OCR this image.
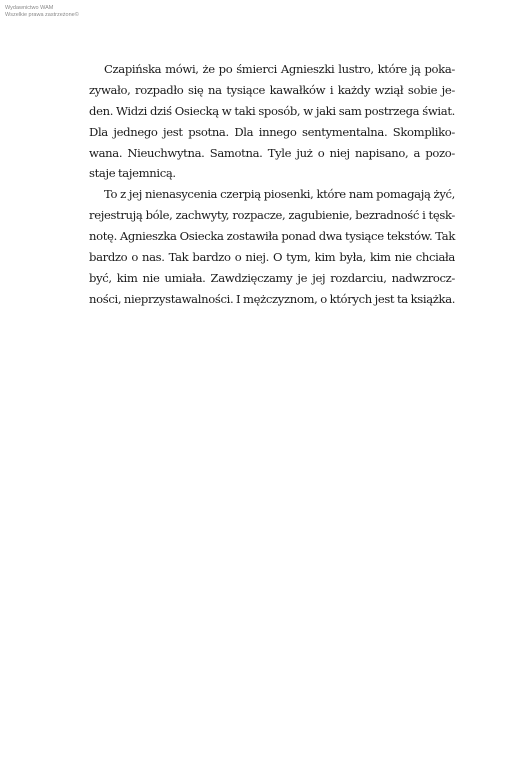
Wydawnictwo WAM
Wszelkie prawa zastrzeżone©
Czapińska mówi, że po śmierci Agnieszki lustro, które ją poka-
zywało, rozpadło się na tysiące kawałków i każdy wziął sobie je-
den. Widzi dziś Osiecką w taki sposób, w jaki sam postrzega świat.
Dla jednego jest psotna. Dla innego sentymentalna. Skompliko-
wana. Nieuchwytna. Samotna. Tyle już o niej napisano, a pozo-
staje tajemnicą.
To z jej nienasycenia czerpią piosenki, które nam pomagają żyć,
rejestrują bóle, zachwyty, rozpacze, zagubienie, bezradność i tęsk-
notę. Agnieszka Osiecka zostawiła ponad dwa tysiące tekstów. Tak
bardzo o nas. Tak bardzo o niej. O tym, kim była, kim nie chciała
być, kim nie umiała. Zawdzięczamy je jej rozdarciu, nadwzrocz-
ności, nieprzystawalności. I mężczyznom, o których jest ta książka.
